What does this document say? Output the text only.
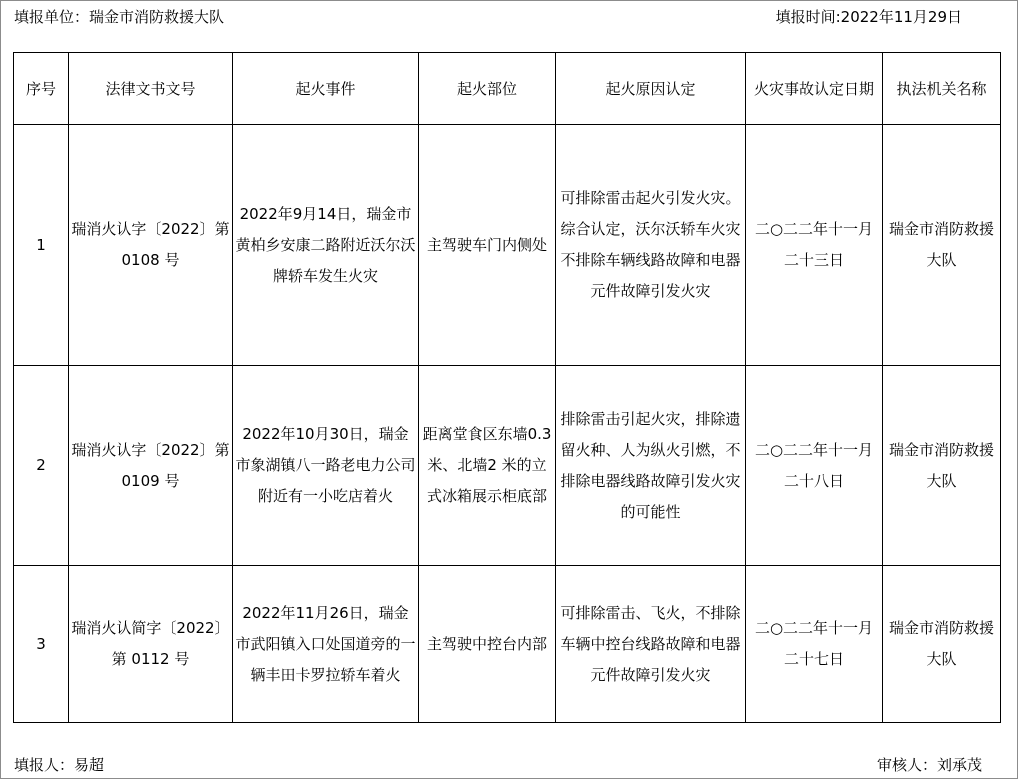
填报单位：瑞金市消防救援大队	填报时间:2022年11月29日
序号	法律文书文号	起火事件	起火部位	起火原因认定	火灾事故认定日期	执法机关名称
1	瑞消火认字〔2022〕第0108 号	2022年9月14日，瑞金市黄柏乡安康二路附近沃尔沃牌轿车发生火灾	主驾驶车门内侧处	可排除雷击起火引发火灾。综合认定，沃尔沃轿车火灾不排除车辆线路故障和电器元件故障引发火灾	二○二二年十一月二十三日	瑞金市消防救援大队
2	瑞消火认字〔2022〕第0109 号	2022年10月30日，瑞金市象湖镇八一路老电力公司附近有一小吃店着火	距离堂食区东墙0.3 米、北墙2 米的立式冰箱展示柜底部	排除雷击引起火灾，排除遗留火种、人为纵火引燃，不排除电器线路故障引发火灾的可能性	二○二二年十一月二十八日	瑞金市消防救援大队
3	瑞消火认简字〔2022〕第 0112 号	2022年11月26日，瑞金市武阳镇入口处国道旁的一辆丰田卡罗拉轿车着火	主驾驶中控台内部	可排除雷击、飞火，不排除车辆中控台线路故障和电器元件故障引发火灾	二○二二年十一月二十七日	瑞金市消防救援大队
填报人：易超	审核人：刘承茂
